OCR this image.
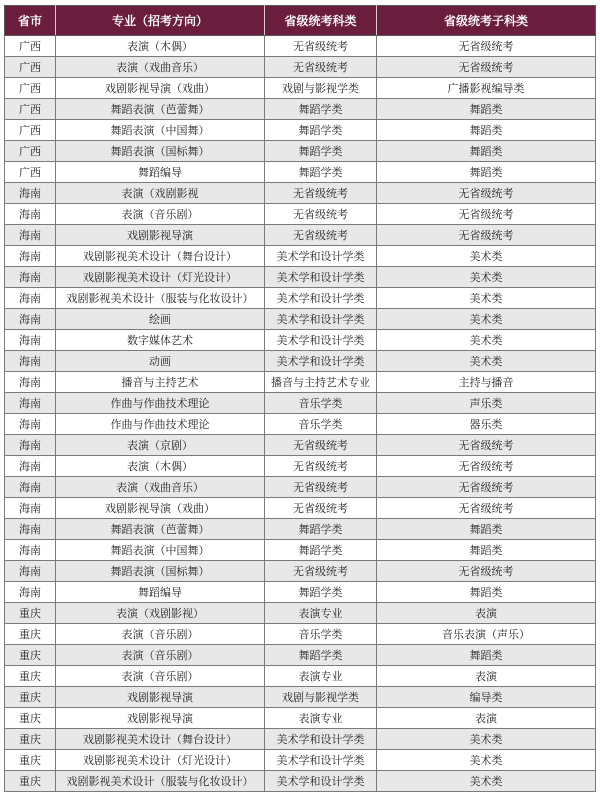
省市	专业（招考方向）	省级统考科类	省级统考子科类
广西	表演（木偶）	无省级统考	无省级统考
广西	表演（戏曲音乐）	无省级统考	无省级统考
广西	戏剧影视导演（戏曲）	戏剧与影视学类	广播影视编导类
广西	舞蹈表演（芭蕾舞）	舞蹈学类	舞蹈类
广西	舞蹈表演（中国舞）	舞蹈学类	舞蹈类
广西	舞蹈表演（国标舞）	舞蹈学类	舞蹈类
广西	舞蹈编导	舞蹈学类	舞蹈类
海南	表演（戏剧影视	无省级统考	无省级统考
海南	表演（音乐剧）	无省级统考	无省级统考
海南	戏剧影视导演	无省级统考	无省级统考
海南	戏剧影视美术设计（舞台设计）	美术学和设计学类	美术类
海南	戏剧影视美术设计（灯光设计）	美术学和设计学类	美术类
海南	戏剧影视美术设计（服装与化妆设计）	美术学和设计学类	美术类
海南	绘画	美术学和设计学类	美术类
海南	数字媒体艺术	美术学和设计学类	美术类
海南	动画	美术学和设计学类	美术类
海南	播音与主持艺术	播音与主持艺术专业	主持与播音
海南	作曲与作曲技术理论	音乐学类	声乐类
海南	作曲与作曲技术理论	音乐学类	器乐类
海南	表演（京剧）	无省级统考	无省级统考
海南	表演（木偶）	无省级统考	无省级统考
海南	表演（戏曲音乐）	无省级统考	无省级统考
海南	戏剧影视导演（戏曲）	无省级统考	无省级统考
海南	舞蹈表演（芭蕾舞）	舞蹈学类	舞蹈类
海南	舞蹈表演（中国舞）	舞蹈学类	舞蹈类
海南	舞蹈表演（国标舞）	无省级统考	无省级统考
海南	舞蹈编导	舞蹈学类	舞蹈类
重庆	表演（戏剧影视）	表演专业	表演
重庆	表演（音乐剧）	音乐学类	音乐表演（声乐）
重庆	表演（音乐剧）	舞蹈学类	舞蹈类
重庆	表演（音乐剧）	表演专业	表演
重庆	戏剧影视导演	戏剧与影视学类	编导类
重庆	戏剧影视导演	表演专业	表演
重庆	戏剧影视美术设计（舞台设计）	美术学和设计学类	美术类
重庆	戏剧影视美术设计（灯光设计）	美术学和设计学类	美术类
重庆	戏剧影视美术设计（服装与化妆设计）	美术学和设计学类	美术类
